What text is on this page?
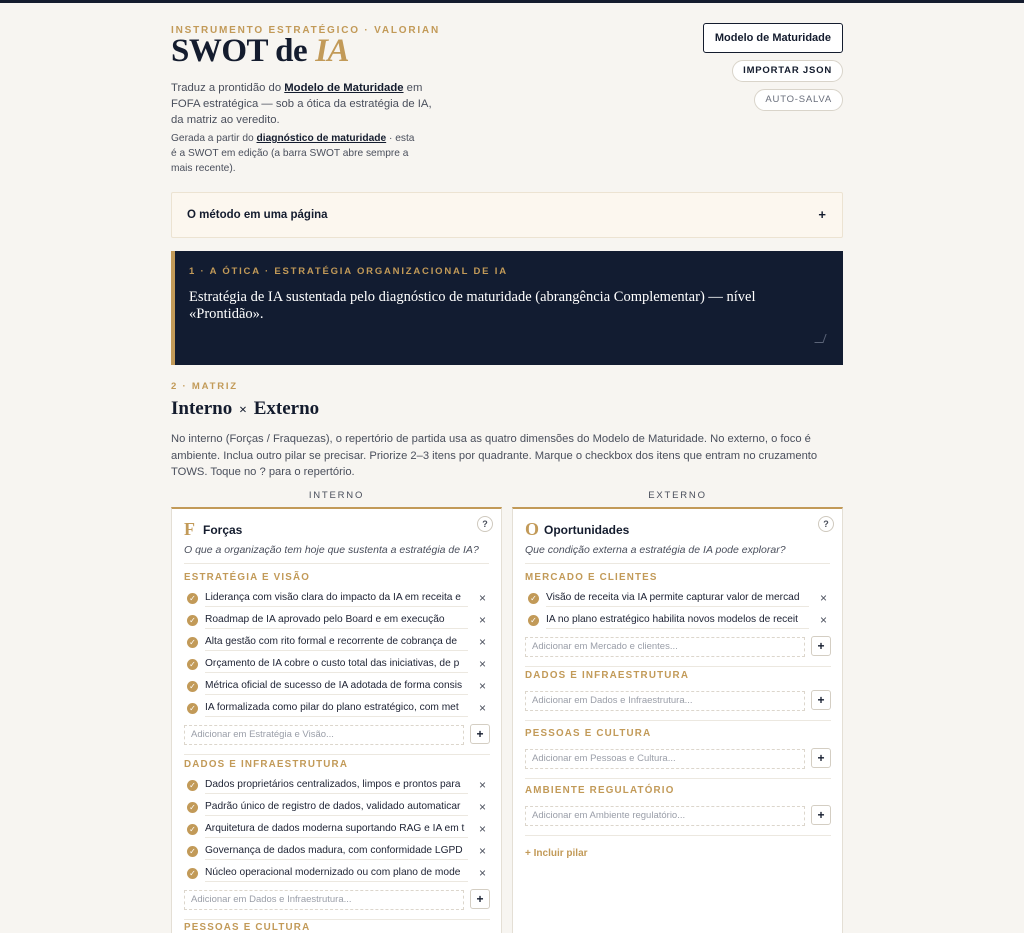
INSTRUMENTO ESTRATÉGICO · VALORIAN
SWOT de IA

Traduz a prontidão do Modelo de Maturidade em FOFA estratégica — sob a ótica da estratégia de IA, da matriz ao veredito.

Gerada a partir do diagnóstico de maturidade · esta é a SWOT em edição (a barra SWOT abre sempre a mais recente).

Modelo de Maturidade
IMPORTAR JSON
AUTO-SALVA
O método em uma página	+
1 · A ÓTICA · ESTRATÉGIA ORGANIZACIONAL DE IA
Estratégia de IA sustentada pelo diagnóstico de maturidade (abrangência Complementar) — nível «Prontidão».
2 · MATRIZ
Interno × Externo

No interno (Forças / Fraquezas), o repertório de partida usa as quatro dimensões do Modelo de Maturidade. No externo, o foco é ambiente. Inclua outro pilar se precisar. Priorize 2–3 itens por quadrante. Marque o checkbox dos itens que entram no cruzamento TOWS. Toque no ? para o repertório.

INTERNO	EXTERNO
F Forças	?
O que a organização tem hoje que sustenta a estratégia de IA?
ESTRATÉGIA E VISÃO
✓ Liderança com visão clara do impacto da IA em receita e	×
✓ Roadmap de IA aprovado pelo Board e em execução	×
✓ Alta gestão com rito formal e recorrente de cobrança de	×
✓ Orçamento de IA cobre o custo total das iniciativas, de p	×
✓ Métrica oficial de sucesso de IA adotada de forma consis	×
✓ IA formalizada como pilar do plano estratégico, com met	×
Adicionar em Estratégia e Visão...	+
DADOS E INFRAESTRUTURA
✓ Dados proprietários centralizados, limpos e prontos para	×
✓ Padrão único de registro de dados, validado automaticar	×
✓ Arquitetura de dados moderna suportando RAG e IA em t	×
✓ Governança de dados madura, com conformidade LGPD	×
✓ Núcleo operacional modernizado ou com plano de mode	×
Adicionar em Dados e Infraestrutura...	+
PESSOAS E CULTURA
O Oportunidades	?
Que condição externa a estratégia de IA pode explorar?
MERCADO E CLIENTES
✓ Visão de receita via IA permite capturar valor de mercad	×
✓ IA no plano estratégico habilita novos modelos de receit	×
Adicionar em Mercado e clientes...	+
DADOS E INFRAESTRUTURA
Adicionar em Dados e Infraestrutura...	+
PESSOAS E CULTURA
Adicionar em Pessoas e Cultura...	+
AMBIENTE REGULATÓRIO
Adicionar em Ambiente regulatório...	+
+ Incluir pilar
